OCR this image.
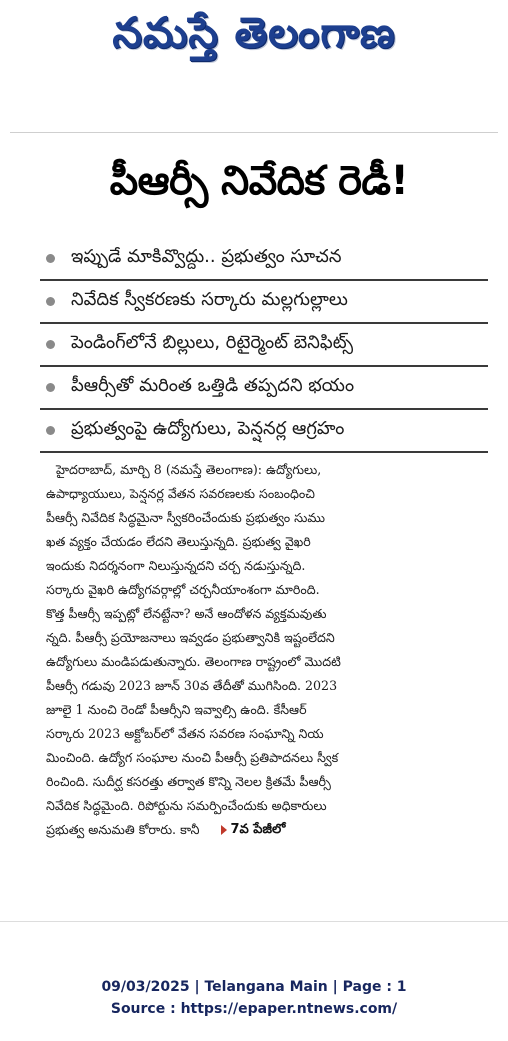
నమస్తే తెలంగాణ
పీఆర్సీ నివేదిక రెడీ!
ఇప్పుడే మాకివ్వొద్దు.. ప్రభుత్వం సూచన
నివేదిక స్వీకరణకు సర్కారు మల్లగుల్లాలు
పెండింగ్‌లోనే బిల్లులు, రిటైర్మెంట్ బెనిఫిట్స్
పీఆర్సీతో మరింత ఒత్తిడి తప్పదని భయం
ప్రభుత్వంపై ఉద్యోగులు, పెన్షనర్ల ఆగ్రహం
హైదరాబాద్, మార్చి 8 (నమస్తే తెలంగాణ): ఉద్యోగులు,
ఉపాధ్యాయులు, పెన్షనర్ల వేతన సవరణలకు సంబంధించి
పీఆర్సీ నివేదిక సిద్ధమైనా స్వీకరించేందుకు ప్రభుత్వం సుము
ఖత వ్యక్తం చేయడం లేదని తెలుస్తున్నది. ప్రభుత్వ వైఖరి
ఇందుకు నిదర్శనంగా నిలుస్తున్నదని చర్చ నడుస్తున్నది.
సర్కారు వైఖరి ఉద్యోగవర్గాల్లో చర్చనీయాంశంగా మారింది.
కొత్త పీఆర్సీ ఇప్పట్లో లేనట్టేనా? అనే ఆందోళన వ్యక్తమవుతు
న్నది. పీఆర్సీ ప్రయోజనాలు ఇవ్వడం ప్రభుత్వానికి ఇష్టంలేదని
ఉద్యోగులు మండిపడుతున్నారు. తెలంగాణ రాష్ట్రంలో మొదటి
పీఆర్సీ గడువు 2023 జూన్ 30వ తేదీతో ముగిసింది. 2023
జూలై 1 నుంచి రెండో పీఆర్సీని ఇవ్వాల్సి ఉంది. కేసీఆర్
సర్కారు 2023 అక్టోబర్‌లో వేతన సవరణ సంఘాన్ని నియ
మించింది. ఉద్యోగ సంఘాల నుంచి పీఆర్సీ ప్రతిపాదనలు స్వీక
రించింది. సుదీర్ఘ కసరత్తు తర్వాత కొన్ని నెలల క్రితమే పీఆర్సీ
నివేదిక సిద్ధమైంది. రిపోర్టును సమర్పించేందుకు అధికారులు
ప్రభుత్వ అనుమతి కోరారు. కానీ 7వ పేజీలో
09/03/2025 | Telangana Main | Page : 1
Source : https://epaper.ntnews.com/
